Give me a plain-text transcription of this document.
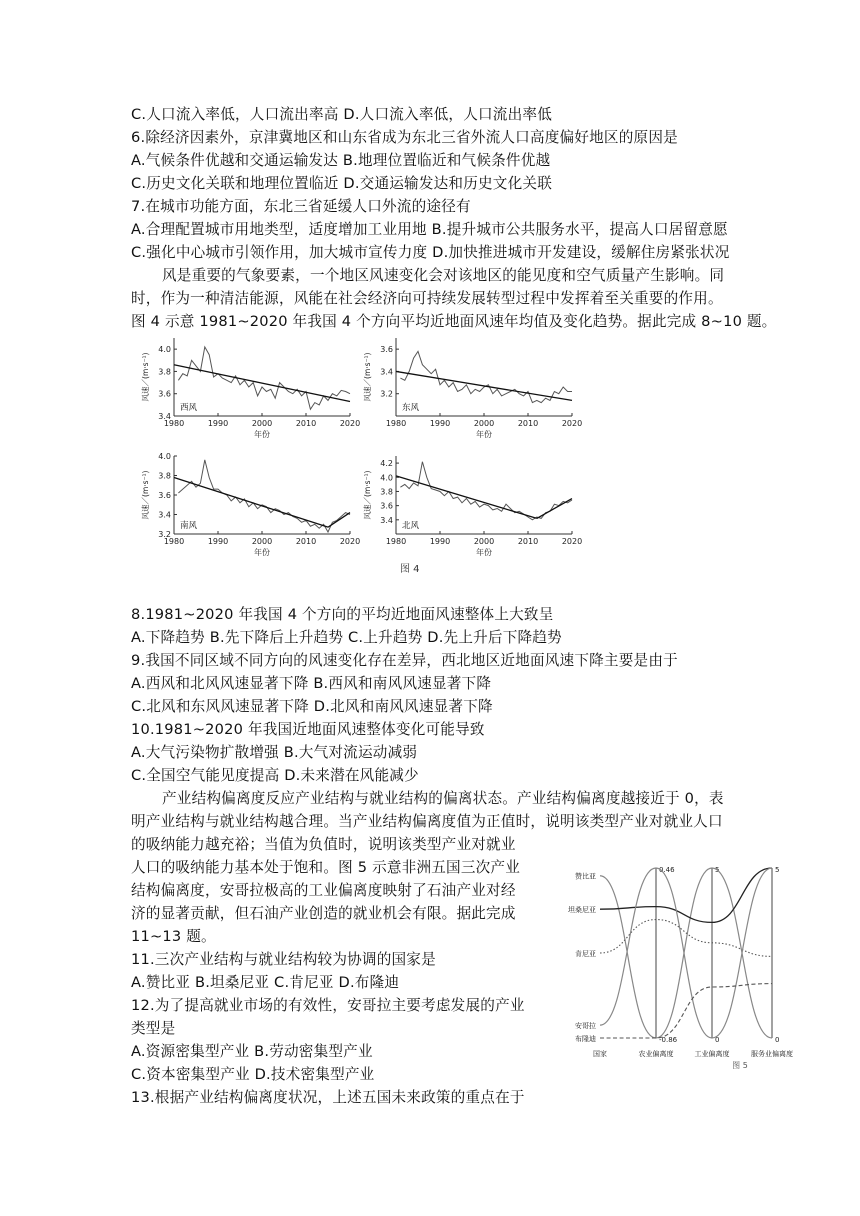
C.人口流入率低，人口流出率高 D.人口流入率低，人口流出率低
6.除经济因素外，京津冀地区和山东省成为东北三省外流人口高度偏好地区的原因是
A.气候条件优越和交通运输发达 B.地理位置临近和气候条件优越
C.历史文化关联和地理位置临近 D.交通运输发达和历史文化关联
7.在城市功能方面，东北三省延缓人口外流的途径有
A.合理配置城市用地类型，适度增加工业用地 B.提升城市公共服务水平，提高人口居留意愿
C.强化中心城市引领作用，加大城市宣传力度 D.加快推进城市开发建设，缓解住房紧张状况
风是重要的气象要素，一个地区风速变化会对该地区的能见度和空气质量产生影响。同
时，作为一种清洁能源，风能在社会经济向可持续发展转型过程中发挥着至关重要的作用。
图 4 示意 1981~2020 年我国 4 个方向平均近地面风速年均值及变化趋势。据此完成 8~10 题。
3.4
3.6
3.8
4.0
1980	1990	2000	2010	2020
年份
风速／(m·s⁻¹)
西风
3.2
3.4
3.6
1980	1990	2000	2010	2020
年份
风速／(m·s⁻¹)
东风
3.2
3.4
3.6
3.8
4.0
1980	1990	2000	2010	2020
年份
风速／(m·s⁻¹)
南风
3.4
3.6
3.8
4.0
4.2
1980	1990	2000	2010	2020
年份
风速／(m·s⁻¹)
北风
图 4
8.1981~2020 年我国 4 个方向的平均近地面风速整体上大致呈
A.下降趋势 B.先下降后上升趋势 C.上升趋势 D.先上升后下降趋势
9.我国不同区域不同方向的风速变化存在差异，西北地区近地面风速下降主要是由于
A.西风和北风风速显著下降 B.西风和南风风速显著下降
C.北风和东风风速显著下降 D.北风和南风风速显著下降
10.1981~2020 年我国近地面风速整体变化可能导致
A.大气污染物扩散增强 B.大气对流运动减弱
C.全国空气能见度提高 D.未来潜在风能减少
产业结构偏离度反应产业结构与就业结构的偏离状态。产业结构偏离度越接近于 0，表
明产业结构与就业结构越合理。当产业结构偏离度值为正值时，说明该类型产业对就业人口
的吸纳能力越充裕；当值为负值时，说明该类型产业对就业
人口的吸纳能力基本处于饱和。图 5 示意非洲五国三次产业
结构偏离度，安哥拉极高的工业偏离度映射了石油产业对经
济的显著贡献，但石油产业创造的就业机会有限。据此完成
11~13 题。
11.三次产业结构与就业结构较为协调的国家是
A.赞比亚 B.坦桑尼亚 C.肯尼亚 D.布隆迪
12.为了提高就业市场的有效性，安哥拉主要考虑发展的产业
类型是
A.资源密集型产业 B.劳动密集型产业
C.资本密集型产业 D.技术密集型产业
13.根据产业结构偏离度状况，上述五国未来政策的重点在于
0.46
-0.86
5
0
5
0
国家	农业偏离度	工业偏离度	服务业偏离度
赞比亚
坦桑尼亚
肯尼亚
安哥拉
布隆迪
图 5
